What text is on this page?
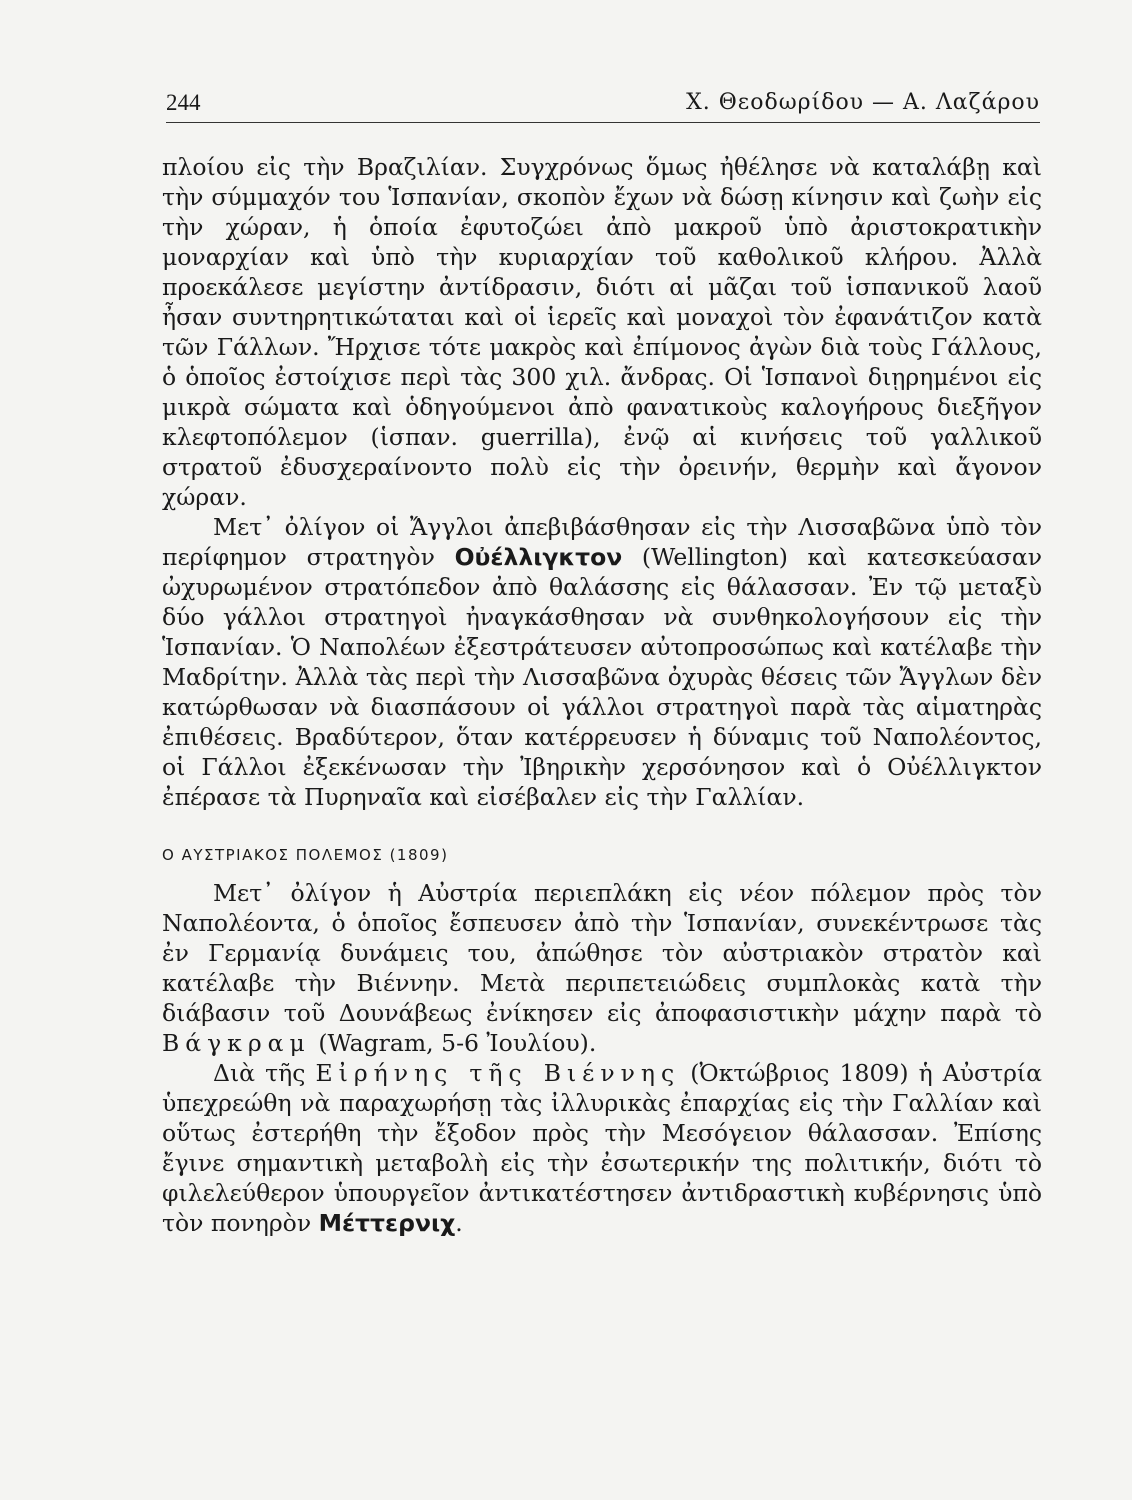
244	Χ. Θεοδωρίδου — Α. Λαζάρου

πλοίου εἰς τὴν Βραζιλίαν. Συγχρόνως ὅμως ἠθέλησε νὰ καταλάβῃ καὶ τὴν σύμμαχόν του Ἱσπανίαν, σκοπὸν ἔχων νὰ δώσῃ κίνησιν καὶ ζωὴν εἰς τὴν χώραν, ἡ ὁποία ἐφυτοζώει ἀπὸ μακροῦ ὑπὸ ἀριστοκρατικὴν μοναρχίαν καὶ ὑπὸ τὴν κυριαρχίαν τοῦ καθολικοῦ κλήρου. Ἀλλὰ προεκάλεσε μεγίστην ἀντίδρασιν, διότι αἱ μᾶζαι τοῦ ἱσπανικοῦ λαοῦ ἦσαν συντηρητικώταται καὶ οἱ ἱερεῖς καὶ μοναχοὶ τὸν ἐφανάτιζον κατὰ τῶν Γάλλων. Ἤρχισε τότε μακρὸς καὶ ἐπίμονος ἀγὼν διὰ τοὺς Γάλλους, ὁ ὁποῖος ἐστοίχισε περὶ τὰς 300 χιλ. ἄνδρας. Οἱ Ἱσπανοὶ διῃρημένοι εἰς μικρὰ σώματα καὶ ὁδηγούμενοι ἀπὸ φανατικοὺς καλογήρους διεξῆγον κλεφτοπόλεμον (ἱσπαν. guerrilla), ἐνῷ αἱ κινήσεις τοῦ γαλλικοῦ στρατοῦ ἐδυσχεραίνοντο πολὺ εἰς τὴν ὀρεινήν, θερμὴν καὶ ἄγονον χώραν.

Μετ᾽ ὀλίγον οἱ Ἄγγλοι ἀπεβιβάσθησαν εἰς τὴν Λισσαβῶνα ὑπὸ τὸν περίφημον στρατηγὸν Οὐέλλιγκτον (Wellington) καὶ κατεσκεύασαν ὠχυρωμένον στρατόπεδον ἀπὸ θαλάσσης εἰς θάλασσαν. Ἐν τῷ μεταξὺ δύο γάλλοι στρατηγοὶ ἠναγκάσθησαν νὰ συνθηκολογήσουν εἰς τὴν Ἱσπανίαν. Ὁ Ναπολέων ἐξεστράτευσεν αὐτοπροσώπως καὶ κατέλαβε τὴν Μαδρίτην. Ἀλλὰ τὰς περὶ τὴν Λισσαβῶνα ὀχυρὰς θέσεις τῶν Ἄγγλων δὲν κατώρθωσαν νὰ διασπάσουν οἱ γάλλοι στρατηγοὶ παρὰ τὰς αἱματηρὰς ἐπιθέσεις. Βραδύτερον, ὅταν κατέρρευσεν ἡ δύναμις τοῦ Ναπολέοντος, οἱ Γάλλοι ἐξεκένωσαν τὴν Ἰβηρικὴν χερσόνησον καὶ ὁ Οὐέλλιγκτον ἐπέρασε τὰ Πυρηναῖα καὶ εἰσέβαλεν εἰς τὴν Γαλλίαν.

Ο ΑΥΣΤΡΙΑΚΟΣ ΠΟΛΕΜΟΣ (1809)

Μετ᾽ ὀλίγον ἡ Αὐστρία περιεπλάκη εἰς νέον πόλεμον πρὸς τὸν Ναπολέοντα, ὁ ὁποῖος ἔσπευσεν ἀπὸ τὴν Ἱσπανίαν, συνεκέντρωσε τὰς ἐν Γερμανίᾳ δυνάμεις του, ἀπώθησε τὸν αὐστριακὸν στρατὸν καὶ κατέλαβε τὴν Βιέννην. Μετὰ περιπετειώδεις συμπλοκὰς κατὰ τὴν διάβασιν τοῦ Δουνάβεως ἐνίκησεν εἰς ἀποφασιστικὴν μάχην παρὰ τὸ Βάγκραμ (Wagram, 5-6 Ἰουλίου).

Διὰ τῆς Εἰρήνης τῆς Βιέννης (Ὀκτώβριος 1809) ἡ Αὐστρία ὑπεχρεώθη νὰ παραχωρήσῃ τὰς ἰλλυρικὰς ἐπαρχίας εἰς τὴν Γαλλίαν καὶ οὕτως ἐστερήθη τὴν ἔξοδον πρὸς τὴν Μεσόγειον θάλασσαν. Ἐπίσης ἔγινε σημαντικὴ μεταβολὴ εἰς τὴν ἐσωτερικήν της πολιτικήν, διότι τὸ φιλελεύθερον ὑπουργεῖον ἀντικατέστησεν ἀντιδραστικὴ κυβέρνησις ὑπὸ τὸν πονηρὸν Μέττερνιχ.
